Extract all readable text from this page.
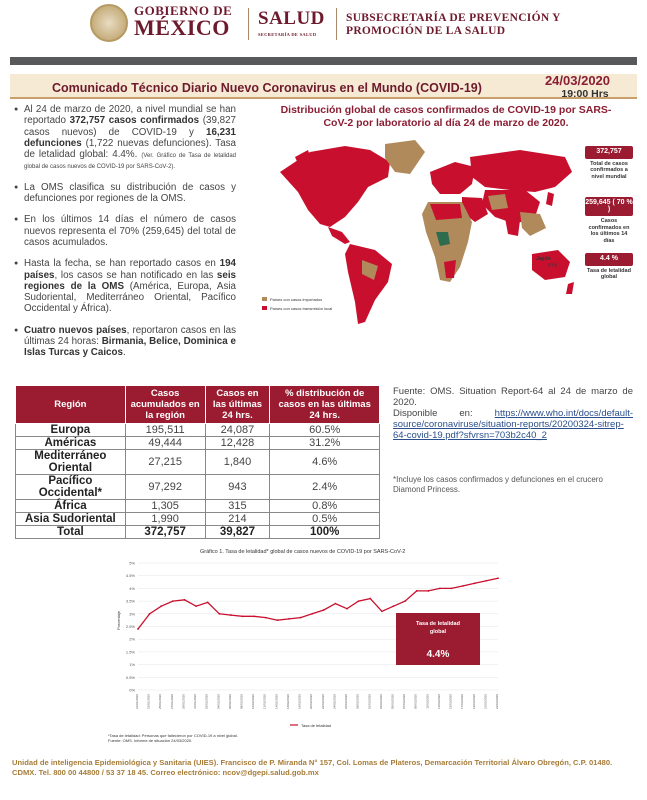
GOBIERNO DE
MÉXICO SALUD
SECRETARÍA DE SALUD
SUBSECRETARÍA DE PREVENCIÓN Y
PROMOCIÓN DE LA SALUD
Comunicado Técnico Diario Nuevo Coronavirus en el Mundo (COVID-19)	24/03/2020
19:00 Hrs
● Al 24 de marzo de 2020, a nivel mundial se han reportado 372,757 casos confirmados (39,827 casos nuevos) de COVID-19 y 16,231 defunciones (1,722 nuevas defunciones). Tasa de letalidad global: 4.4%. (Ver. Gráfico de Tasa de letalidad global de casos nuevos de COVID-19 por SARS-CoV-2).
● La OMS clasifica su distribución de casos y defunciones por regiones de la OMS.
● En los últimos 14 días el número de casos nuevos representa el 70% (259,645) del total de casos acumulados.
● Hasta la fecha, se han reportado casos en 194 países, los casos se han notificado en las seis regiones de la OMS (América, Europa, Asia Sudoriental, Mediterráneo Oriental, Pacífico Occidental y África).
● Cuatro nuevos países, reportaron casos en las últimas 24 horas: Birmania, Belice, Dominica e Islas Turcas y Caicos.
Distribución global de casos confirmados de COVID-19 por SARS-CoV-2 por laboratorio al día 24 de marzo de 2020.
Japón
(712)
Países con casos importados
Países con casos transmisión local
372,757
Total de casos confirmados a nivel mundial
259,645 ( 70 % )
Casos confirmados en los últimos 14 días
4.4 %
Tasa de letalidad global
Región	Casos acumulados en la región	Casos en las últimas 24 hrs.	% distribución de casos en las últimas 24 hrs.
Europa	195,511	24,087	60.5%
Américas	49,444	12,428	31.2%
Mediterráneo Oriental	27,215	1,840	4.6%
Pacífico Occidental*	97,292	943	2.4%
África	1,305	315	0.8%
Asia Sudoriental	1,990	214	0.5%
Total	372,757	39,827	100%
Fuente: OMS. Situation Report-64 al 24 de marzo de 2020.
Disponible en: https://www.who.int/docs/default-source/coronaviruse/situation-reports/20200324-sitrep-64-covid-19.pdf?sfvrsn=703b2c40_2
*Incluye los casos confirmados y defunciones en el crucero Diamond Princess.
Gráfico 1. Tasa de letalidad* global de casos nuevos de COVID-19 por SARS-CoV-2
0%
0.5%
1%
1.5%
2%
2.5%
3%
3.5%
4%
4.5%
5%
21/01/2020	23/01/2020	25/01/2020	27/01/2020	29/01/2020	31/01/2020	02/02/2020	04/02/2020	06/02/2020	08/02/2020	10/02/2020	12/02/2020	14/02/2020	16/02/2020	18/02/2020	20/02/2020	22/02/2020	24/02/2020	26/02/2020	28/02/2020	01/03/2020	03/03/2020	05/03/2020	07/03/2020	09/03/2020	11/03/2020	13/03/2020	15/03/2020	17/03/2020	19/03/2020	21/03/2020	23/03/2020
Porcentaje	Tasa de letalidad
global
4.4%
Tasa de letalidad
*Tasa de letalidad: Personas que fallecieron por COVID-19 a nivel global.
Fuente: OMS. Informe de situación 24/03/2020.
Unidad de inteligencia Epidemiológica y Sanitaria (UIES). Francisco de P. Miranda N° 157, Col. Lomas de Plateros, Demarcación Territorial Álvaro Obregón, C.P. 01480. CDMX. Tel. 800 00 44800 / 53 37 18 45. Correo electrónico: ncov@dgepi.salud.gob.mx
